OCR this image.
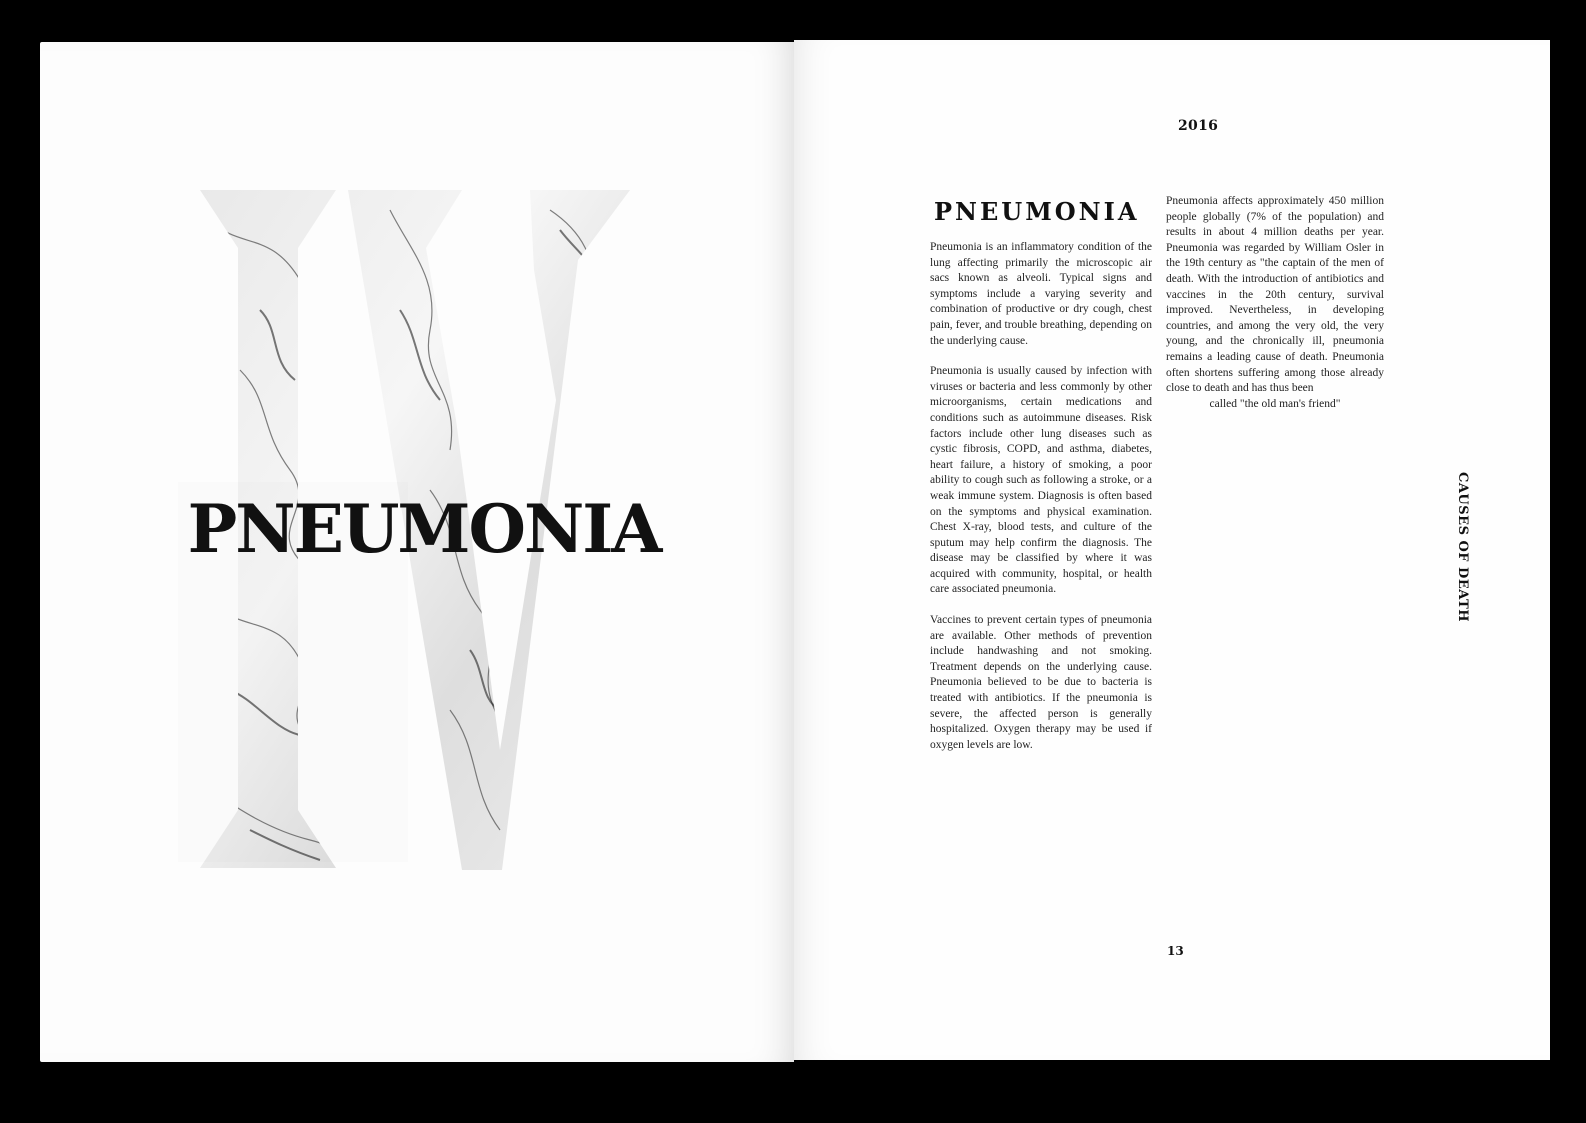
PNEUMONIA
2016
PNEUMONIA

Pneumonia is an inflammatory condition of the lung affecting primarily the microscopic air sacs known as alveoli. Typical signs and symptoms include a varying severity and combination of productive or dry cough, chest pain, fever, and trouble breathing, depending on the underlying cause.

Pneumonia is usually caused by infection with viruses or bacteria and less commonly by other microorganisms, certain medications and conditions such as autoimmune diseases. Risk factors include other lung diseases such as cystic fibrosis, COPD, and asthma, diabetes, heart failure, a history of smoking, a poor ability to cough such as following a stroke, or a weak immune system. Diagnosis is often based on the symptoms and physical examination. Chest X-ray, blood tests, and culture of the sputum may help confirm the diagnosis. The disease may be classified by where it was acquired with community, hospital, or health care associated pneumonia.

Vaccines to prevent certain types of pneumonia are available. Other methods of prevention include handwashing and not smoking. Treatment depends on the underlying cause. Pneumonia believed to be due to bacteria is treated with antibiotics. If the pneumonia is severe, the affected person is generally hospitalized. Oxygen therapy may be used if oxygen levels are low.

Pneumonia affects approximately 450 million people globally (7% of the population) and results in about 4 million deaths per year. Pneumonia was regarded by William Osler in the 19th century as "the captain of the men of death. With the introduction of antibiotics and vaccines in the 20th century, survival improved. Nevertheless, in developing countries, and among the very old, the very young, and the chronically ill, pneumonia remains a leading cause of death. Pneumonia often shortens suffering among those already close to death and has thus been
called "the old man's friend"
CAUSES OF DEATH
13
